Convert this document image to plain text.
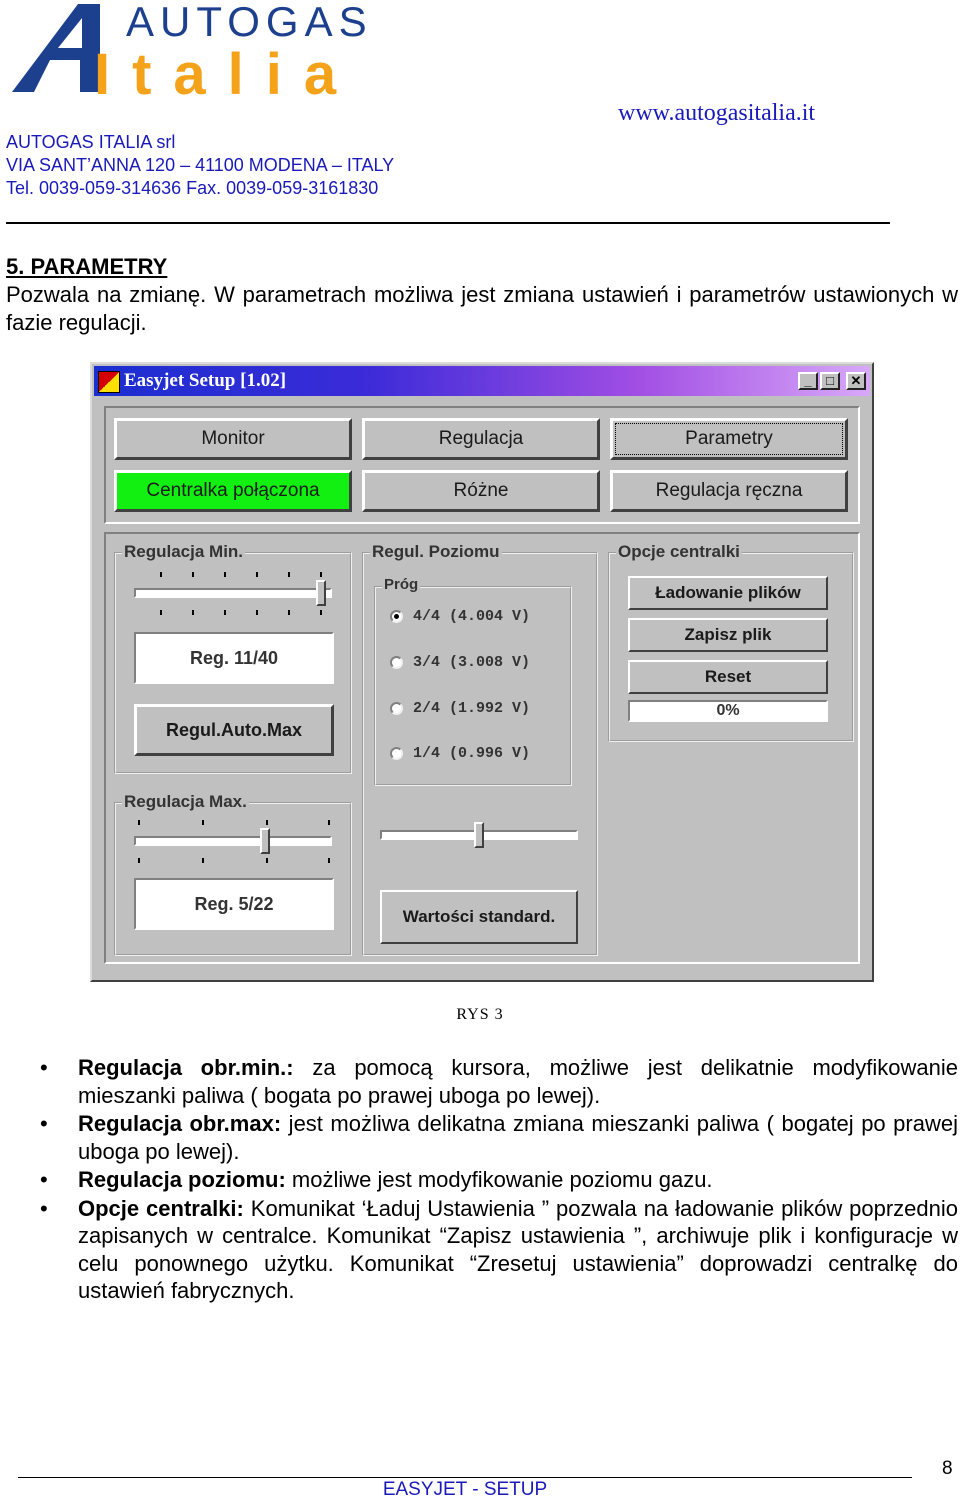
AUTOGAS
Italia
www.autogasitalia.it
AUTOGAS ITALIA srl
VIA SANT’ANNA 120 – 41100 MODENA – ITALY
Tel. 0039-059-314636 Fax. 0039-059-3161830
5. PARAMETRY
Pozwala na zmianę. W parametrach możliwa jest zmiana ustawień i parametrów ustawionych w fazie regulacji.
Easyjet Setup [1.02]	_	□	✕
Monitor	Regulacja	Parametry
Centralka połączona	Różne	Regulacja ręczna
Regulacja Min.
Reg. 11/40
Regul.Auto.Max
Regulacja Max.
Reg. 5/22
Regul. Poziomu
Próg
4/4 (4.004 V)
3/4 (3.008 V)
2/4 (1.992 V)
1/4 (0.996 V)
Wartości standard.
Opcje centralki
Ładowanie plików
Zapisz plik
Reset
0%
RYS 3
• Regulacja obr.min.: za pomocą kursora, możliwe jest delikatnie modyfikowanie mieszanki paliwa ( bogata po prawej uboga po lewej).
• Regulacja obr.max: jest możliwa delikatna zmiana mieszanki paliwa ( bogatej po prawej uboga po lewej).
• Regulacja poziomu: możliwe jest modyfikowanie poziomu gazu.
• Opcje centralki: Komunikat ‘Ładuj Ustawienia ” pozwala na ładowanie plików poprzednio zapisanych w centralce. Komunikat “Zapisz ustawienia ”, archiwuje plik i konfiguracje w celu ponownego użytku. Komunikat “Zresetuj ustawienia” doprowadzi centralkę do ustawień fabrycznych.
EASYJET - SETUP
8
